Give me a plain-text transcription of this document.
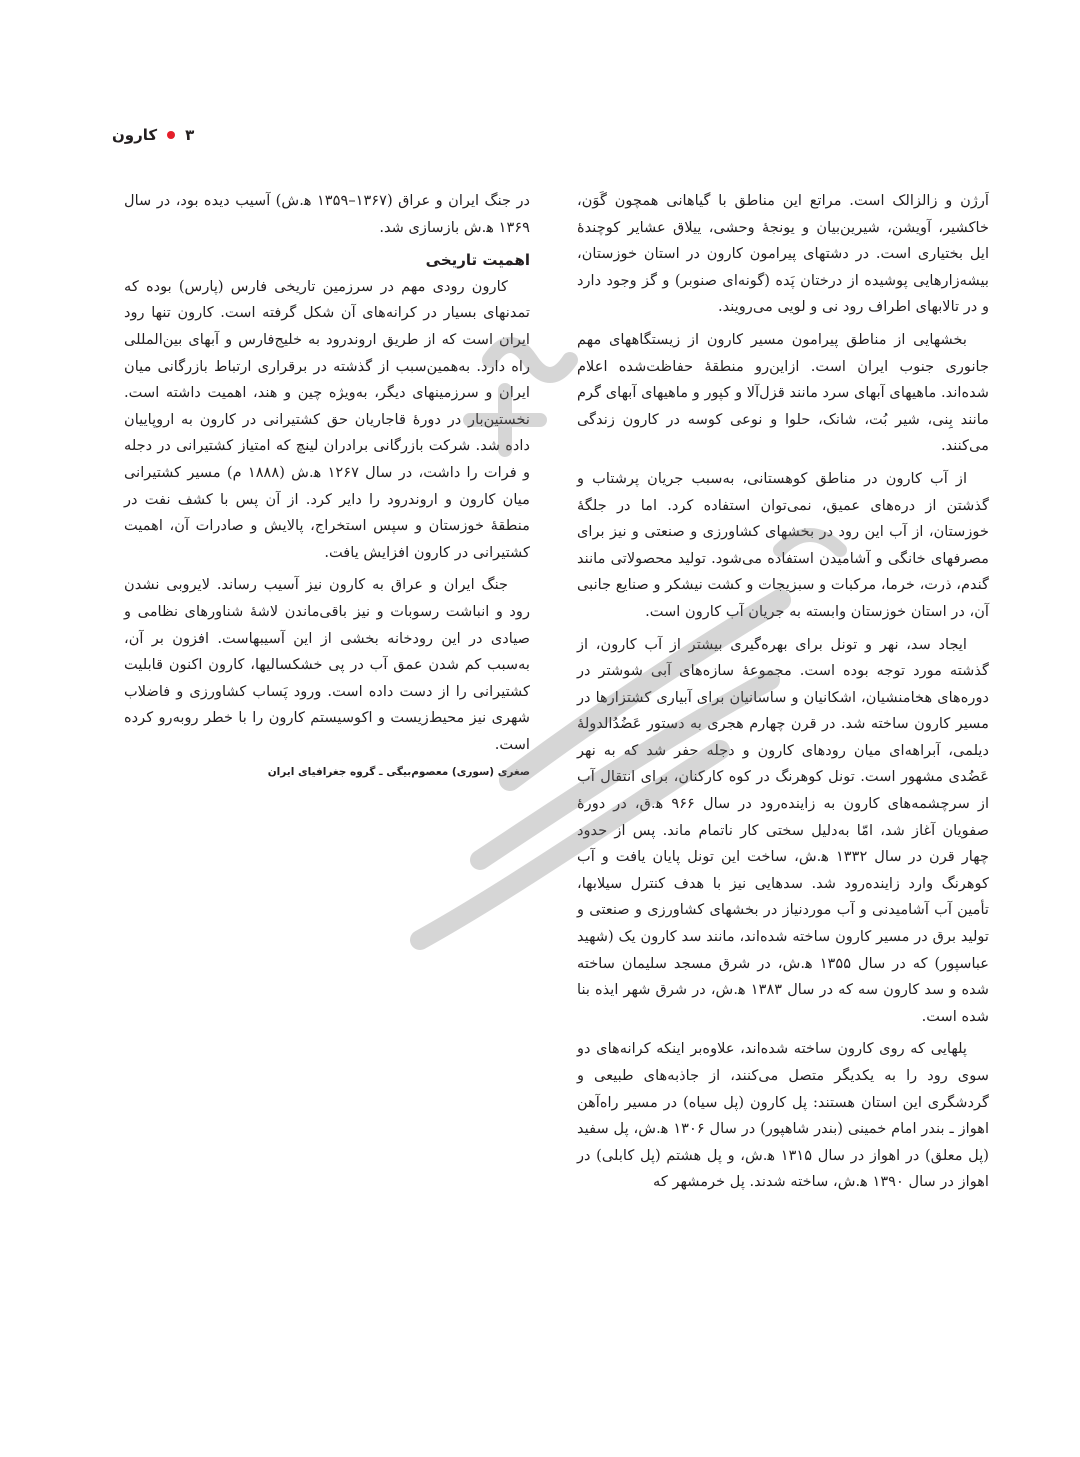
۳
کارون

اَرژن و زالزالک است. مراتع این مناطق با گیاهانی همچون گَوَن، خاکشیر، آویشن، شیرین‌بیان و یونجهٔ وحشی، ییلاق عشایر کوچندهٔ ایل بختیاری است. در دشتهای پیرامون کارون در استان خوزستان، بیشه‌زارهایی پوشیده از درختان پَده (گونه‌ای صنوبر) و گز وجود دارد و در تالابهای اطراف رود نی و لویی می‌رویند.

بخشهایی از مناطق پیرامون مسیر کارون از زیستگاههای مهم جانوری جنوب ایران است. ازاین‌رو منطقهٔ حفاظت‌شده اعلام شده‌اند. ماهیهای آبهای سرد مانند قزل‌آلا و کپور و ماهیهای آبهای گرم مانند بِنی، شیر بُت، شانک، حلوا و نوعی کوسه در کارون زندگی می‌کنند.

از آب کارون در مناطق کوهستانی، به‌سبب جریان پرشتاب و گذشتن از دره‌های عمیق، نمی‌توان استفاده کرد. اما در جلگهٔ خوزستان، از آب این رود در بخشهای کشاورزی و صنعتی و نیز برای مصرفهای خانگی و آشامیدن استفاده می‌شود. تولید محصولاتی مانند گندم، ذرت، خرما، مرکبات و سبزیجات و کشت نیشکر و صنایع جانبی آن، در استان خوزستان وابسته به جریان آب کارون است.

ایجاد سد، نهر و تونل برای بهره‌گیری بیشتر از آب کارون، از گذشته مورد توجه بوده است. مجموعهٔ سازه‌های آبی شوشتر در دوره‌های هخامنشیان، اشکانیان و ساسانیان برای آبیاری کشتزارها در مسیر کارون ساخته شد. در قرن چهارم هجری به دستور عَضُدُالدولهٔ دیلمی، آبراهه‌ای میان رودهای کارون و دجله حفر شد که به نهر عَضُدی مشهور است. تونل کوهرنگ در کوه کارکنان، برای انتقال آب از سرچشمه‌های کارون به زاینده‌رود در سال ۹۶۶ ه‍.ق، در دورهٔ صفویان آغاز شد، امّا به‌دلیل سختی کار ناتمام ماند. پس از حدود چهار قرن در سال ۱۳۳۲ ه‍.ش، ساخت این تونل پایان یافت و آب کوهرنگ وارد زاینده‌رود شد. سدهایی نیز با هدف کنترل سیلابها، تأمین آب آشامیدنی و آب موردنیاز در بخشهای کشاورزی و صنعتی و تولید برق در مسیر کارون ساخته شده‌اند، مانند سد کارون یک (شهید عباسپور) که در سال ۱۳۵۵ ه‍.ش، در شرق مسجد سلیمان ساخته شده و سد کارون سه که در سال ۱۳۸۳ ه‍.ش، در شرق شهر ایذه بنا شده است.

پلهایی که روی کارون ساخته شده‌اند، علاوه‌بر اینکه کرانه‌های دو سوی رود را به یکدیگر متصل می‌کنند، از جاذبه‌های طبیعی و گردشگری این استان هستند: پل کارون (پل سیاه) در مسیر راه‌آهن اهواز ـ بندر امام خمینی (بندر شاهپور) در سال ۱۳۰۶ ه‍.ش، پل سفید (پل معلق) در اهواز در سال ۱۳۱۵ ه‍.ش، و پل هشتم (پل کابلی) در اهواز در سال ۱۳۹۰ ه‍.ش، ساخته شدند. پل خرمشهر که

در جنگ ایران و عراق (۱۳۶۷–۱۳۵۹ ه‍.ش) آسیب دیده بود، در سال ۱۳۶۹ ه‍.ش بازسازی شد.

اهمیت تاریخی

کارون رودی مهم در سرزمین تاریخی فارس (پارس) بوده که تمدنهای بسیار در کرانه‌های آن شکل گرفته است. کارون تنها رود ایران است که از طریق اروندرود به خلیج‌فارس و آبهای بین‌المللی راه دارد. به‌همین‌سبب از گذشته در برقراری ارتباط بازرگانی میان ایران و سرزمینهای دیگر، به‌ویژه چین و هند، اهمیت داشته است. نخستین‌بار در دورهٔ قاجاریان حق کشتیرانی در کارون به اروپاییان داده شد. شرکت بازرگانی برادران لینچ که امتیاز کشتیرانی در دجله و فرات را داشت، در سال ۱۲۶۷ ه‍.ش (۱۸۸۸ م) مسیر کشتیرانی میان کارون و اروندرود را دایر کرد. از آن پس با کشف نفت در منطقهٔ خوزستان و سپس استخراج، پالایش و صادرات آن، اهمیت کشتیرانی در کارون افزایش یافت.

جنگ ایران و عراق به کارون نیز آسیب رساند. لایروبی نشدن رود و انباشت رسوبات و نیز باقی‌ماندن لاشهٔ شناورهای نظامی و صیادی در این رودخانه بخشی از این آسیبهاست. افزون بر آن، به‌سبب کم شدن عمق آب در پی خشکسالیها، کارون اکنون قابلیت کشتیرانی را از دست داده است. ورود پَساب کشاورزی و فاضلاب شهری نیز محیط‌زیست و اکوسیستم کارون را با خطر روبه‌رو کرده است.

صغری (سوری) معصوم‌بیگی ـ گروه جغرافیای ایران
